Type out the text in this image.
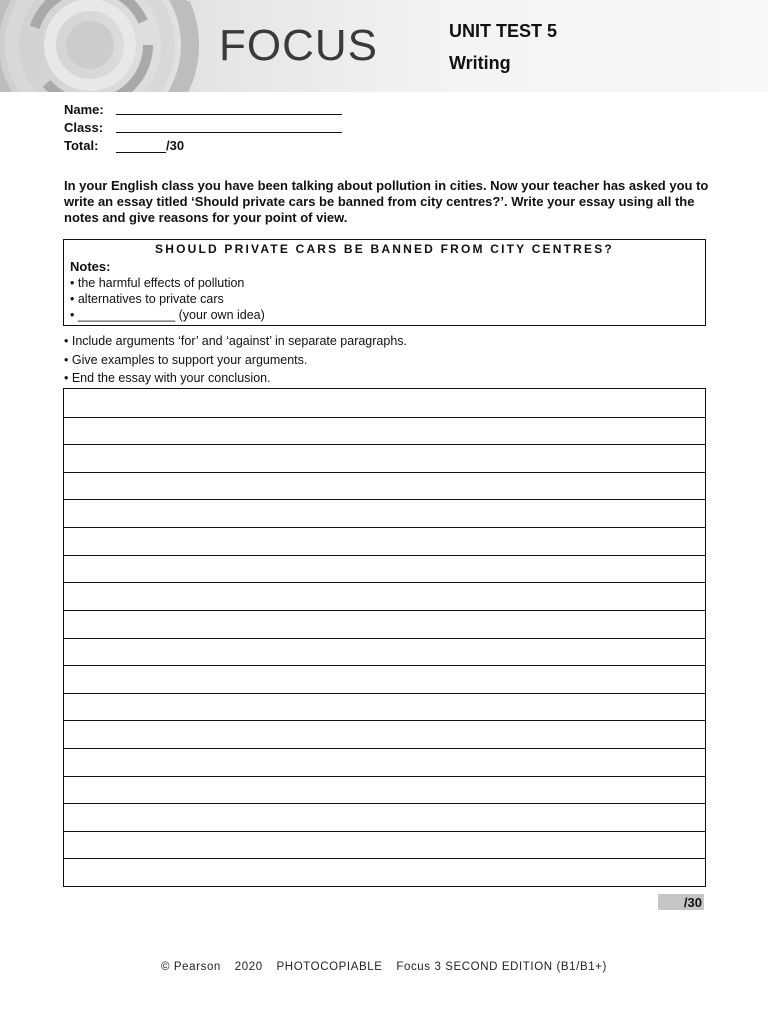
FOCUS	UNIT TEST 5
Writing
Name:
Class:
Total:	/30
In your English class you have been talking about pollution in cities. Now your teacher has asked you to write an essay titled ‘Should private cars be banned from city centres?’. Write your essay using all the notes and give reasons for your point of view.
SHOULD PRIVATE CARS BE BANNED FROM CITY CENTRES?
Notes:
• the harmful effects of pollution
• alternatives to private cars
• ______________ (your own idea)
• Include arguments ‘for’ and ‘against’ in separate paragraphs.
• Give examples to support your arguments.
• End the essay with your conclusion.
/30
© Pearson 2020 PHOTOCOPIABLE Focus 3 SECOND EDITION (B1/B1+)
